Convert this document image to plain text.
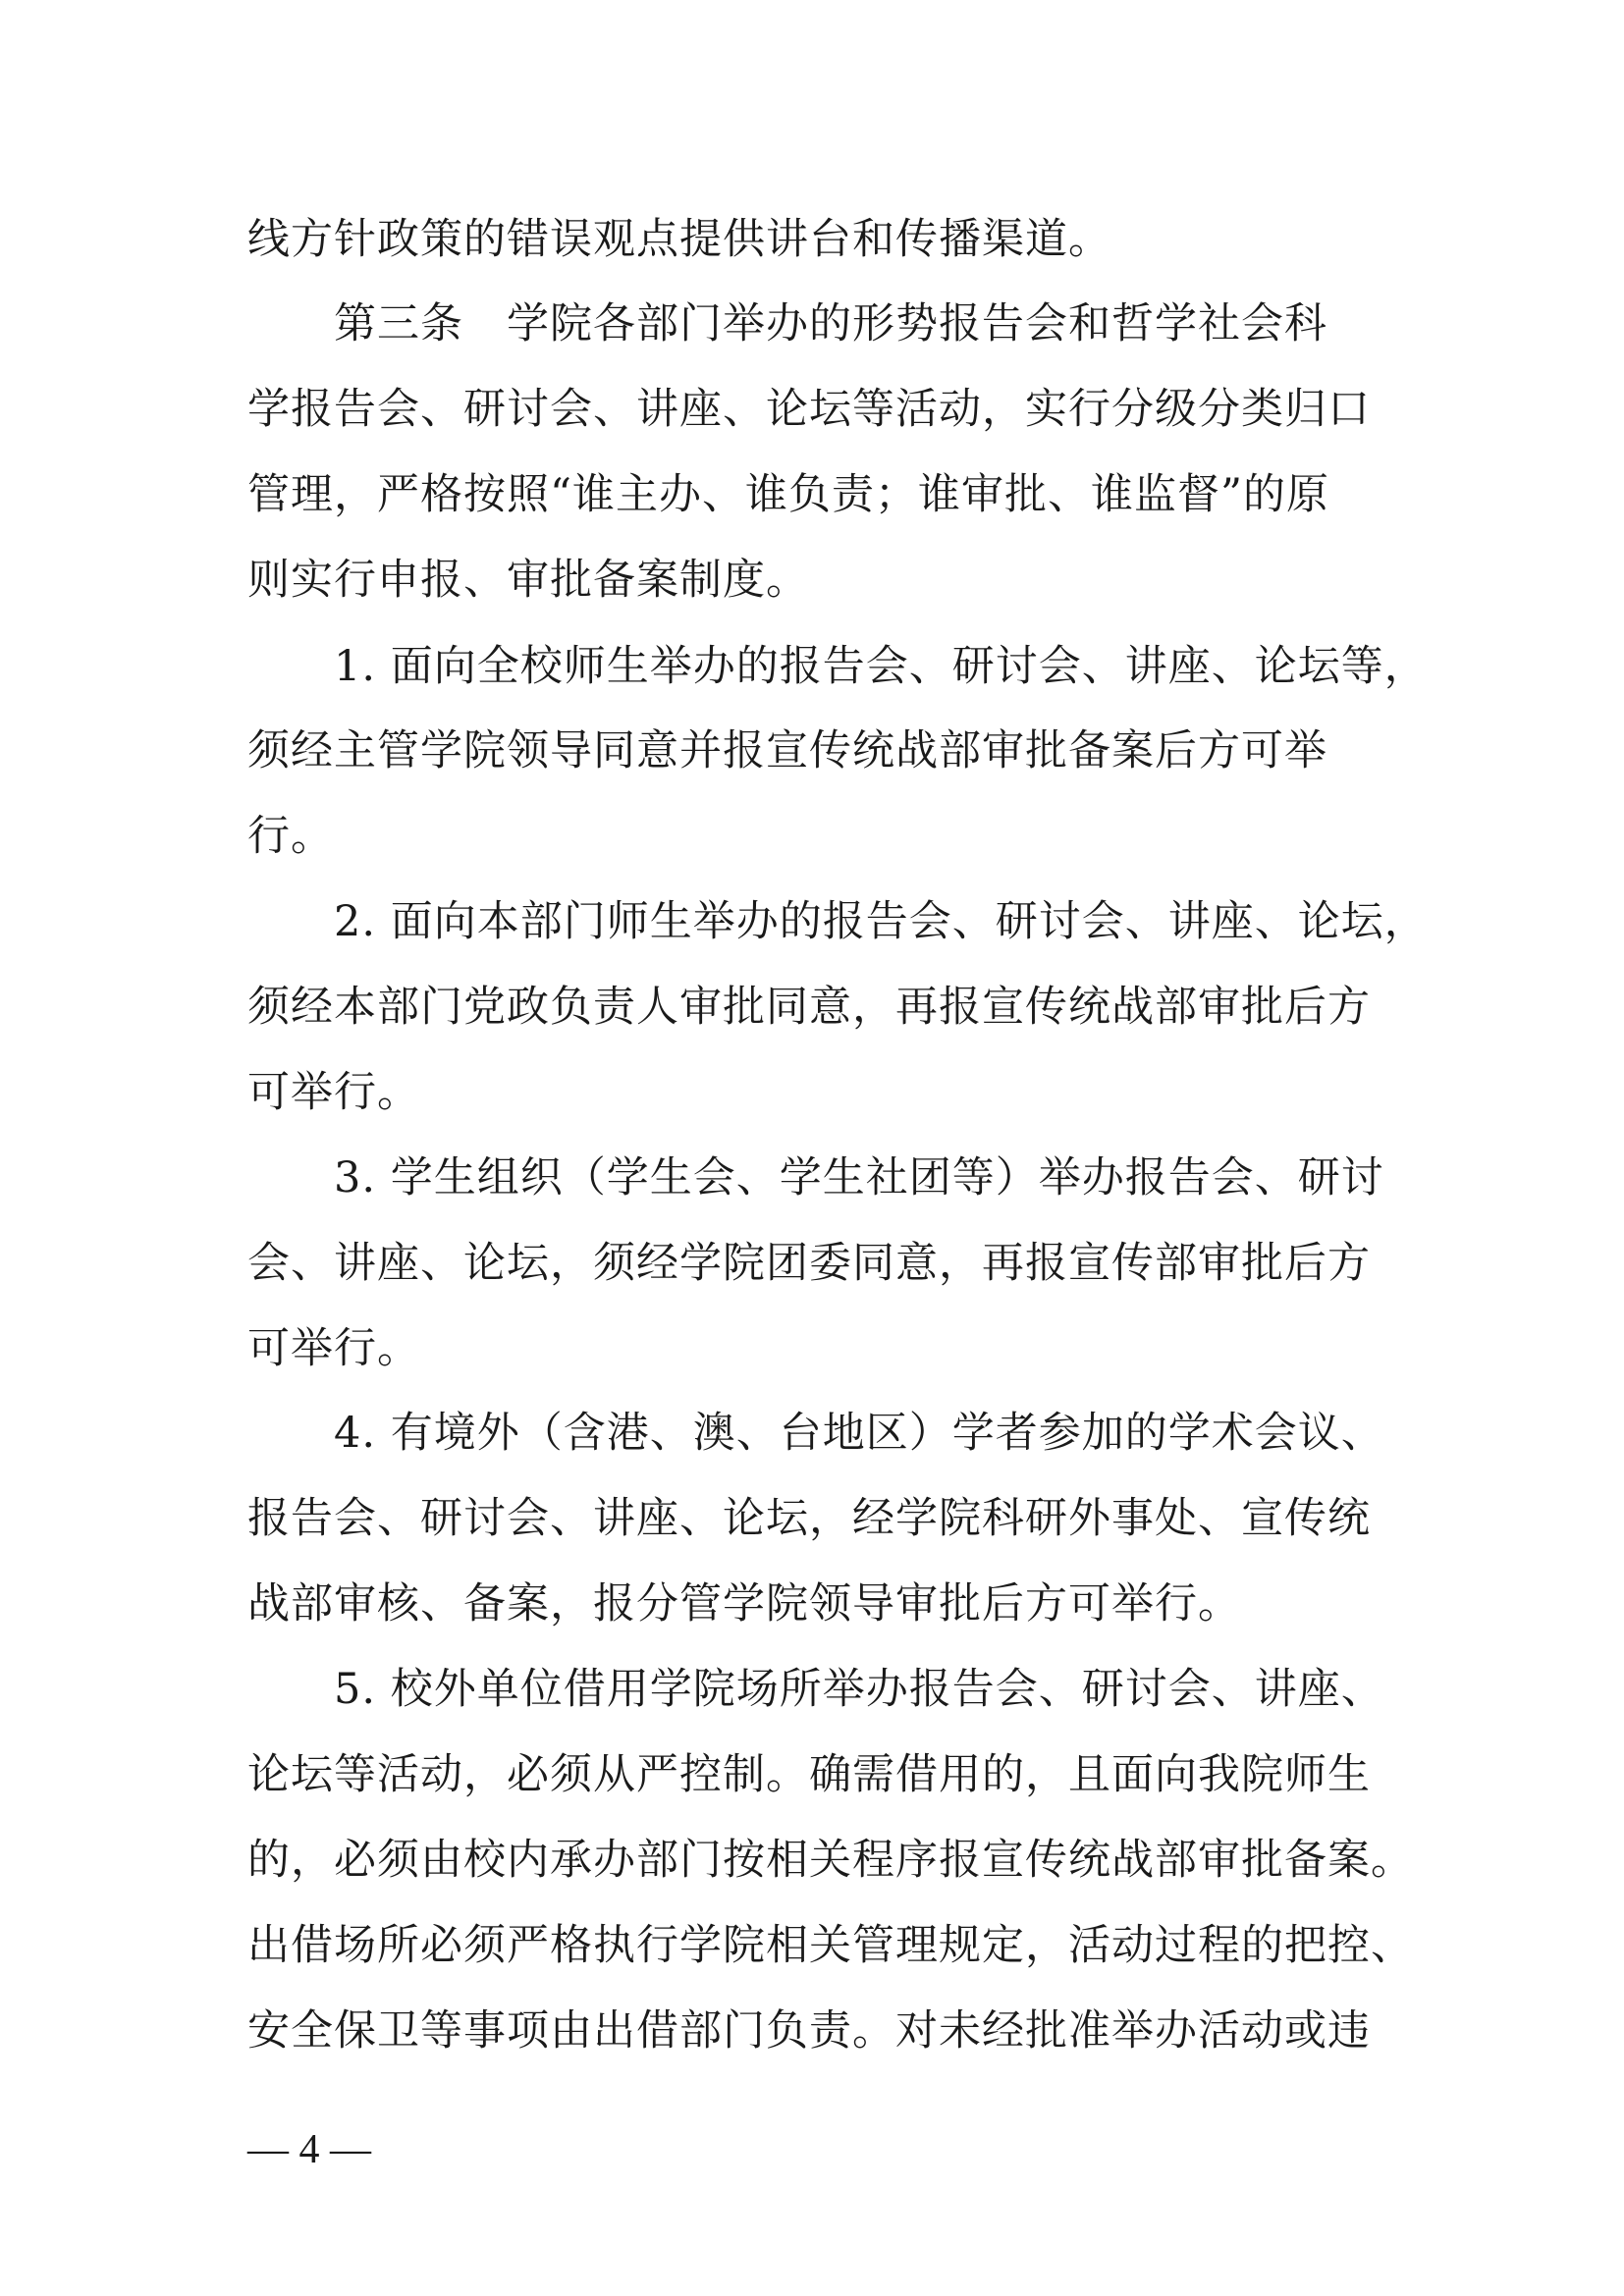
线方针政策的错误观点提供讲台和传播渠道。
　　第三条　学院各部门举办的形势报告会和哲学社会科
学报告会、研讨会、讲座、论坛等活动，实行分级分类归口
管理，严格按照“谁主办、谁负责；谁审批、谁监督”的原
则实行申报、审批备案制度。
　　1. 面向全校师生举办的报告会、研讨会、讲座、论坛等，
须经主管学院领导同意并报宣传统战部审批备案后方可举
行。
　　2. 面向本部门师生举办的报告会、研讨会、讲座、论坛，
须经本部门党政负责人审批同意，再报宣传统战部审批后方
可举行。
　　3. 学生组织（学生会、学生社团等）举办报告会、研讨
会、讲座、论坛，须经学院团委同意，再报宣传部审批后方
可举行。
　　4. 有境外（含港、澳、台地区）学者参加的学术会议、
报告会、研讨会、讲座、论坛，经学院科研外事处、宣传统
战部审核、备案，报分管学院领导审批后方可举行。
　　5. 校外单位借用学院场所举办报告会、研讨会、讲座、
论坛等活动，必须从严控制。确需借用的，且面向我院师生
的，必须由校内承办部门按相关程序报宣传统战部审批备案。
出借场所必须严格执行学院相关管理规定，活动过程的把控、
安全保卫等事项由出借部门负责。对未经批准举办活动或违
— 4 —
